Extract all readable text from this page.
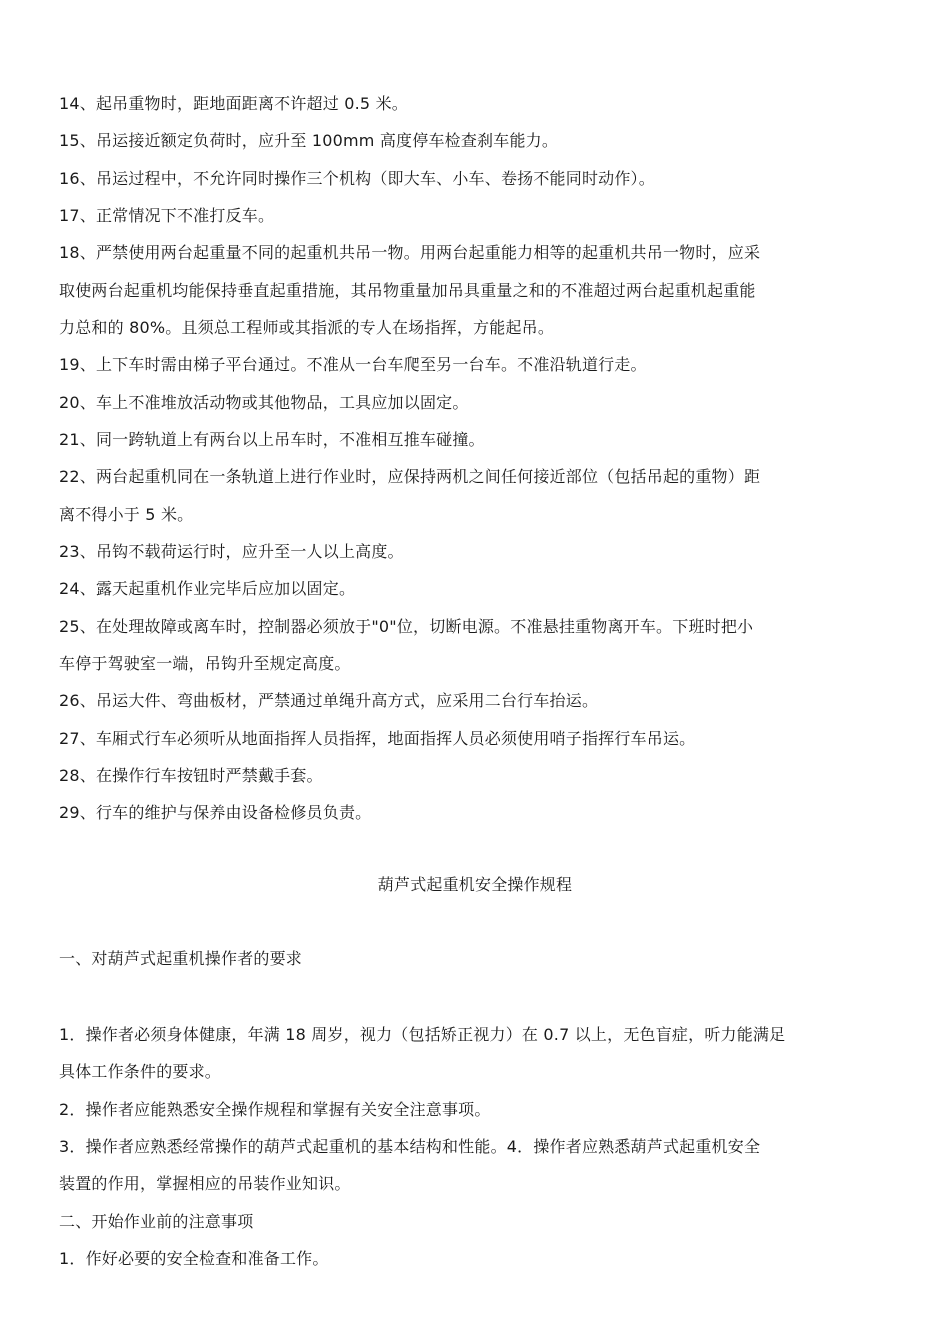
14、起吊重物时，距地面距离不许超过 0.5 米。
15、吊运接近额定负荷时，应升至 100mm 高度停车检查刹车能力。
16、吊运过程中，不允许同时操作三个机构（即大车、小车、卷扬不能同时动作）。
17、正常情况下不准打反车。
18、严禁使用两台起重量不同的起重机共吊一物。用两台起重能力相等的起重机共吊一物时，应采
取使两台起重机均能保持垂直起重措施，其吊物重量加吊具重量之和的不准超过两台起重机起重能
力总和的 80%。且须总工程师或其指派的专人在场指挥，方能起吊。
19、上下车时需由梯子平台通过。不准从一台车爬至另一台车。不准沿轨道行走。
20、车上不准堆放活动物或其他物品，工具应加以固定。
21、同一跨轨道上有两台以上吊车时，不准相互推车碰撞。
22、两台起重机同在一条轨道上进行作业时，应保持两机之间任何接近部位（包括吊起的重物）距
离不得小于 5 米。
23、吊钩不载荷运行时，应升至一人以上高度。
24、露天起重机作业完毕后应加以固定。
25、在处理故障或离车时，控制器必须放于"0"位，切断电源。不准悬挂重物离开车。下班时把小
车停于驾驶室一端，吊钩升至规定高度。
26、吊运大件、弯曲板材，严禁通过单绳升高方式，应采用二台行车抬运。
27、车厢式行车必须听从地面指挥人员指挥，地面指挥人员必须使用哨子指挥行车吊运。
28、在操作行车按钮时严禁戴手套。
29、行车的维护与保养由设备检修员负责。
葫芦式起重机安全操作规程
一、对葫芦式起重机操作者的要求
1．操作者必须身体健康，年满 18 周岁，视力（包括矫正视力）在 0.7 以上，无色盲症，听力能满足
具体工作条件的要求。
2．操作者应能熟悉安全操作规程和掌握有关安全注意事项。
3．操作者应熟悉经常操作的葫芦式起重机的基本结构和性能。4．操作者应熟悉葫芦式起重机安全
装置的作用，掌握相应的吊装作业知识。
二、开始作业前的注意事项
1．作好必要的安全检查和准备工作。
